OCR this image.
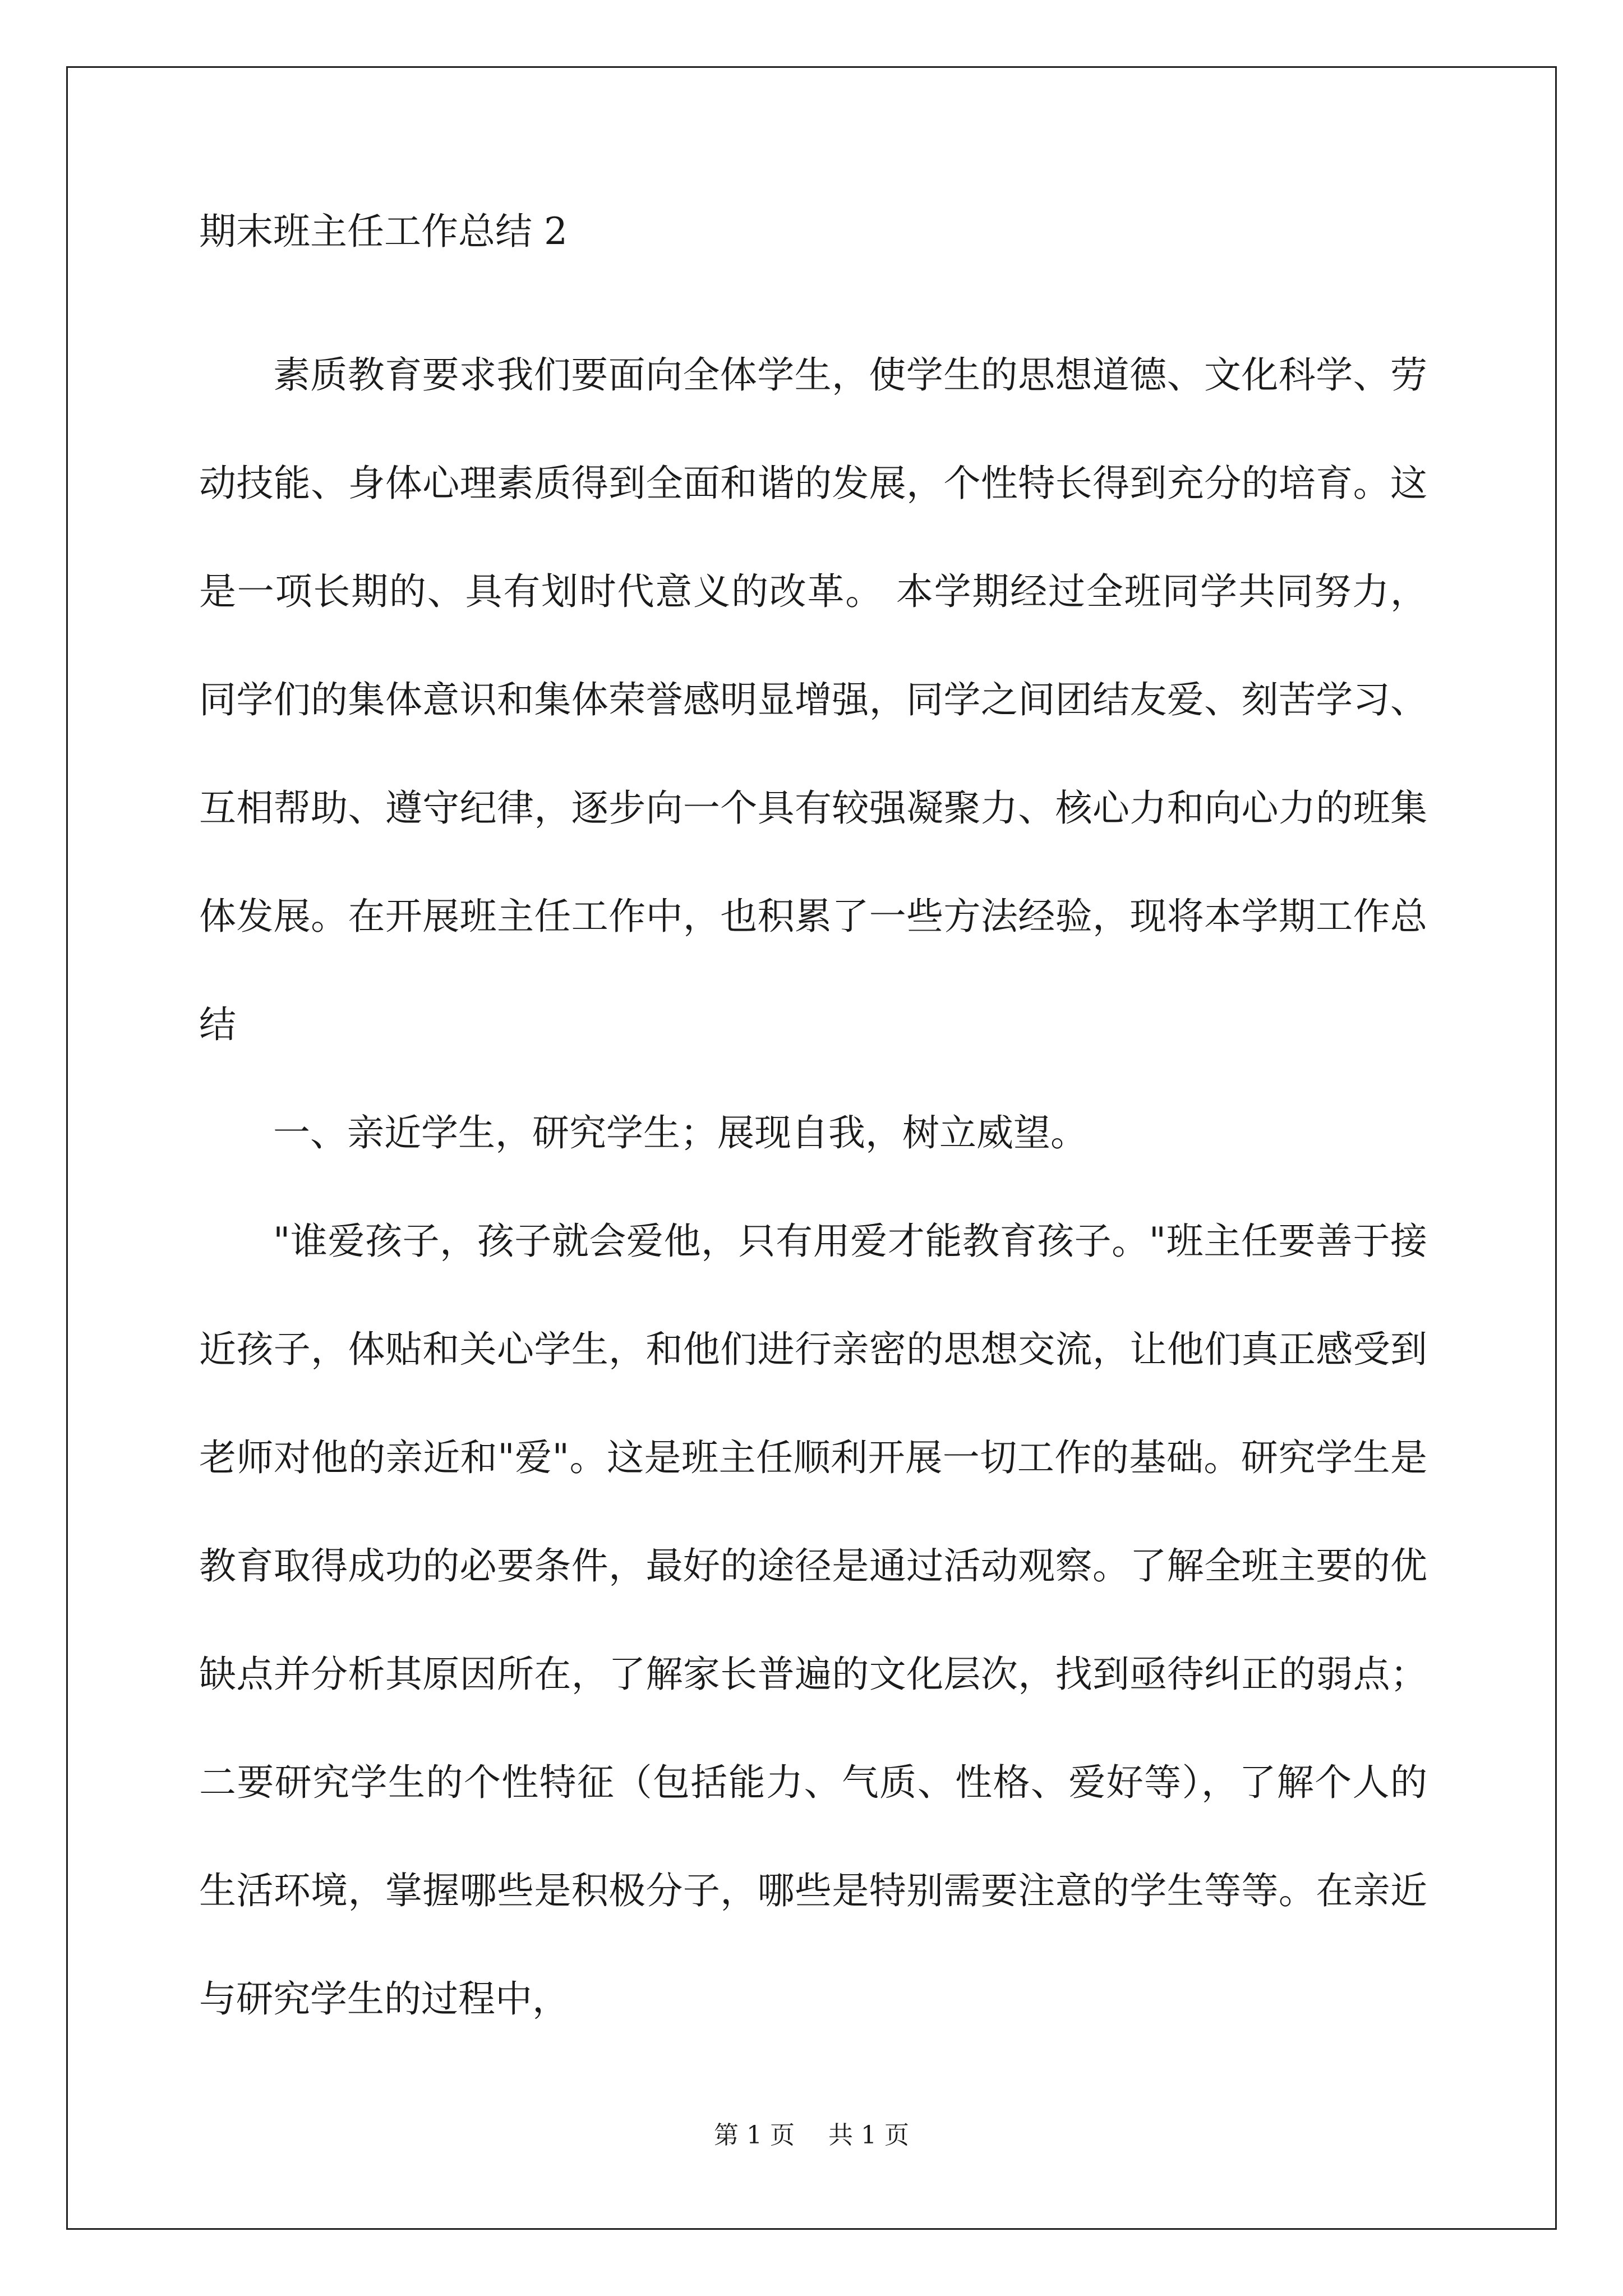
期末班主任工作总结 2

素质教育要求我们要面向全体学生，使学生的思想道德、文化科学、劳动技能、身体心理素质得到全面和谐的发展，个性特长得到充分的培育。这是一项长期的、具有划时代意义的改革。 本学期经过全班同学共同努力，同学们的集体意识和集体荣誉感明显增强，同学之间团结友爱、刻苦学习、互相帮助、遵守纪律，逐步向一个具有较强凝聚力、核心力和向心力的班集体发展。在开展班主任工作中，也积累了一些方法经验，现将本学期工作总结

一、亲近学生，研究学生；展现自我，树立威望。

"谁爱孩子，孩子就会爱他，只有用爱才能教育孩子。"班主任要善于接近孩子，体贴和关心学生，和他们进行亲密的思想交流，让他们真正感受到老师对他的亲近和"爱"。这是班主任顺利开展一切工作的基础。研究学生是教育取得成功的必要条件，最好的途径是通过活动观察。了解全班主要的优缺点并分析其原因所在，了解家长普遍的文化层次，找到亟待纠正的弱点；二要研究学生的个性特征（包括能力、气质、性格、爱好等），了解个人的生活环境，掌握哪些是积极分子，哪些是特别需要注意的学生等等。在亲近与研究学生的过程中，

第 1 页 共 1 页
